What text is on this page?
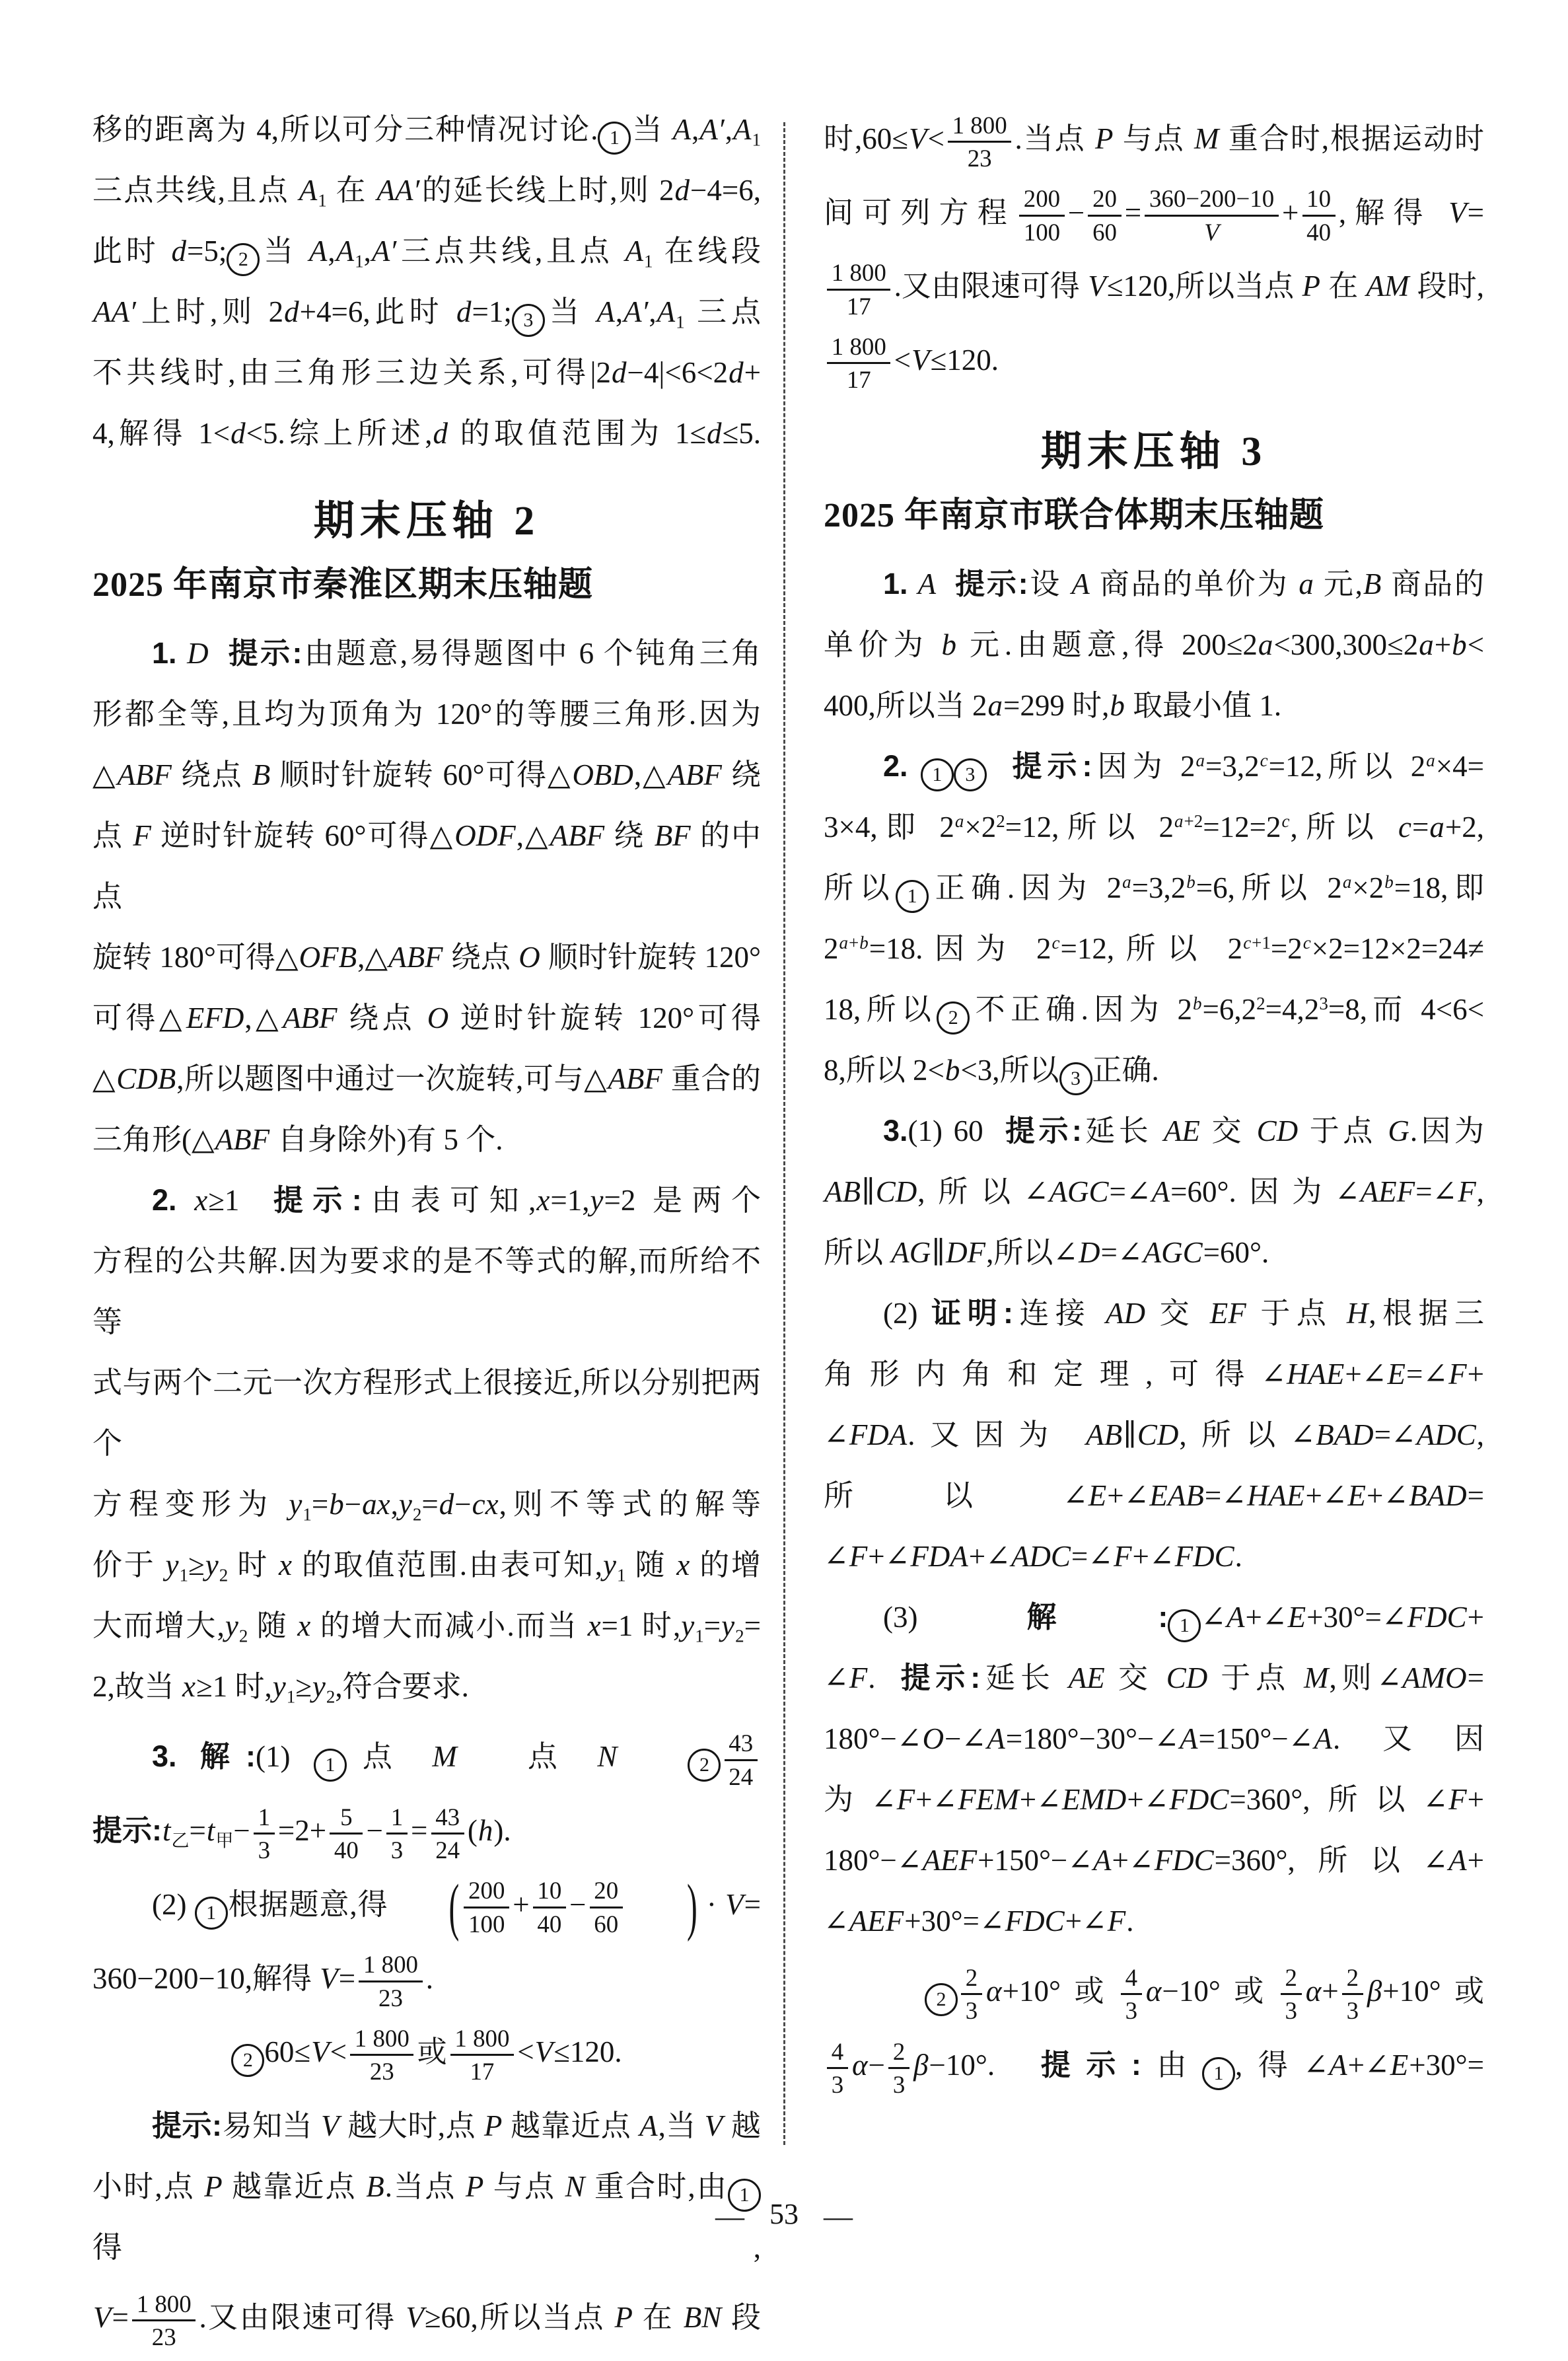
移的距离为 4,所以可分三种情况讨论. 1 当 $A,A',A_1$
三点共线,且点 $A_1$ 在 AA′的延长线上时,则 2d−4=6,
此时 d=5; 2 当 $A,A_1,A'$三点共线,且点 $A_1$ 在线段
AA′上时,则 2d+4=6,此时 d=1; 3 当 $A,A',A_1$ 三点
不共线时,由三角形三边关系,可得|2d−4|<6<2d+
4,解得 1<d<5.综上所述,d 的取值范围为 1≤d≤5.
期末压轴 2
2025 年南京市秦淮区期末压轴题
1. D 提示:由题意,易得题图中 6 个钝角三角
形都全等,且均为顶角为 120°的等腰三角形.因为
△ABF 绕点 B 顺时针旋转 60°可得△OBD,△ABF 绕
点 F 逆时针旋转 60°可得△ODF,△ABF 绕 BF 的中点
旋转 180°可得△OFB,△ABF 绕点 O 顺时针旋转 120°
可得△EFD,△ABF 绕点 O 逆时针旋转 120°可得
△CDB,所以题图中通过一次旋转,可与△ABF 重合的
三角形(△ABF 自身除外)有 5 个.
2. x≥1  提示:由表可知,x=1,y=2 是两个
方程的公共解.因为要求的是不等式的解,而所给不等
式与两个二元一次方程形式上很接近,所以分别把两个
方程变形为 $y_1=b-ax,y_2=d-cx$,则不等式的解等
价于 $y_1\ge y_2$ 时 x 的取值范围.由表可知$,y_1$ 随 x 的增
大而增大$,y_2$ 随 x 的增大而减小.而当 x=1 时$,y_1=y_2=$
2,故当 x≥1 时$,y_1\ge y_2$,符合要求.
3. 解:(1) 1 点 M   点 N	$2 \frac{43}{24}$
提示$:t_乙=t_甲- \frac{1}{3} =2+ \frac{5}{40} - \frac{1}{3} = \frac{43}{24} (h)$.
(2) 1 根据题意,得 ( $\frac{200}{100} + \frac{10}{40} - \frac{20}{60}$ ) · V=
360−200−10,解得 $V= \frac{1 800}{23}$ .
2 $60\le V< \frac{1 800}{23}$ 或 $\frac{1 800}{17} <V\le 120$.
提示:易知当 V 越大时,点 P 越靠近点 A,当 V 越
小时,点 P 越靠近点 B.当点 P 与点 N 重合时,由 1得,
$V= \frac{1 800}{23}$ .又由限速可得 V≥60,所以当点 P 在 BN 段
时$,60\le V< \frac{1 800}{23}$ .当点 P 与点 M 重合时,根据运动时
间可列方程 $\frac{200}{100} - \frac{20}{60} = \frac{360-200-10}{V} + \frac{10}{40}$ ,解得 V=
$\frac{1 800}{17}$ .又由限速可得 V≤120,所以当点 P 在 AM 段时,
$\frac{1 800}{17} <V\le 120$.
期末压轴 3
2025 年南京市联合体期末压轴题
1. A 提示:设 A 商品的单价为 a 元,B 商品的
单价为 b 元.由题意,得 200≤2a<300,300≤2a+b<
400,所以当 2a=299 时,b 取最小值 1.
2. 1 3 提示:因为 $2^a=3,2^c=12$,所以 $2^a\times 4=$
3×4,即 $2^a\times 2^2=12$,所以 $2^{a+2}=12=2^c$,所以 c=a+2,
所以 1 正确.因为 $2^a=3,2^b=6$,所以 $2^a\times 2^b=18$,即
$2^{a+b}=18$.因为 $2^c=12$,所以 $2^{c+1}=2^c\times 2=12\times 2=24\ne$
18,所以 2 不正确.因为 $2^b=6,2^2=4,2^3=8$,而 4<6<
8,所以 2<b<3,所以 3 正确.
3.(1) 60  提示:延长 AE 交 CD 于点 G.因为
AB∥CD,所以∠AGC=∠A=60°.因为∠AEF=∠F,
所以 AG∥DF,所以∠D=∠AGC=60°.
(2) 证明:连接 AD 交 EF 于点 H,根据三
角形内角和定理,可得∠HAE+∠E=∠F+
∠FDA.又因为 AB∥CD,所以∠BAD=∠ADC,
所以∠E+∠EAB=∠HAE+∠E+∠BAD=
∠F+∠FDA+∠ADC=∠F+∠FDC.
(3) 解: 1 ∠A+∠E+30°=∠FDC+
∠F.  提示:延长 AE 交 CD 于点 M,则∠AMO=
180°−∠O−∠A=180°−30°−∠A=150°−∠A.又因
为∠F+∠FEM+∠EMD+∠FDC=360°,所以∠F+
180°−∠AEF+150°−∠A+∠FDC=360°,所以∠A+
∠AEF+30°=∠FDC+∠F.
$2 \frac{2}{3} \alpha+10^\circ$或 $\frac{4}{3} \alpha-10^\circ$或 $\frac{2}{3} \alpha+ \frac{2}{3} \beta+10^\circ$或
$\frac{4}{3} \alpha- \frac{2}{3} \beta-10^\circ$.  提示:由 1 ,得∠A+∠E+30°=
— 53 —
